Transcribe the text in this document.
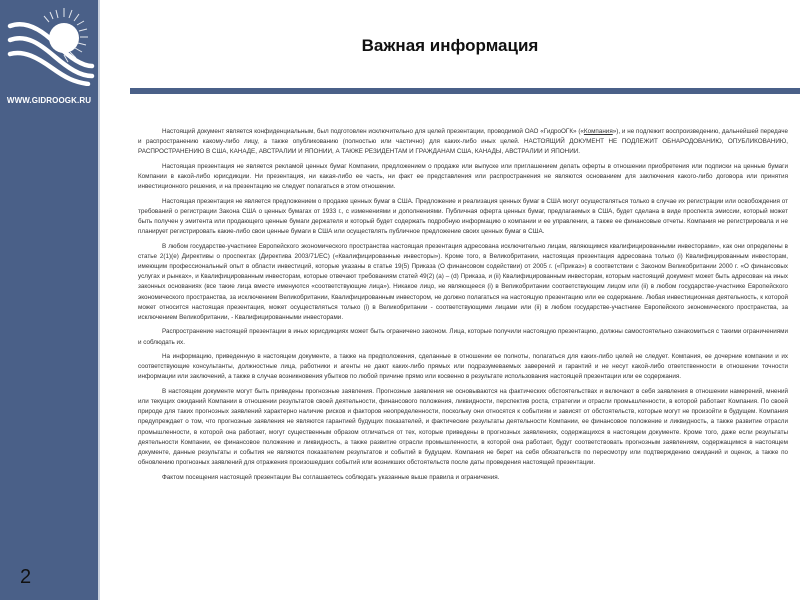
WWW.GIDROOGK.RU
2
Важная информация

Настоящий документ является конфиденциальным, был подготовлен исключительно для целей презентации, проводимой ОАО «ГидроОГК» («Компания»), и не подлежит воспроизведению, дальнейшей передаче и распространению какому-либо лицу, а также опубликованию (полностью или частично) для каких-либо иных целей. НАСТОЯЩИЙ ДОКУМЕНТ НЕ ПОДЛЕЖИТ ОБНАРОДОВАНИЮ, ОПУБЛИКОВАНИЮ, РАСПРОСТРАНЕНИЮ В США, КАНАДЕ, АВСТРАЛИИ И ЯПОНИИ, А ТАКЖЕ РЕЗИДЕНТАМ И ГРАЖДАНАМ США, КАНАДЫ, АВСТРАЛИИ И ЯПОНИИ.

Настоящая презентация не является рекламой ценных бумаг Компании, предложением о продаже или выпуске или приглашением делать оферты в отношении приобретения или подписки на ценные бумаги Компании в какой-либо юрисдикции. Ни презентация, ни какая-либо ее часть, ни факт ее представления или распространения не являются основанием для заключения какого-либо договора или принятия инвестиционного решения, и на презентацию не следует полагаться в этом отношении.

Настоящая презентация не является предложением о продаже ценных бумаг в США. Предложение и реализация ценных бумаг в США могут осуществляться только в случае их регистрации или освобождения от требований о регистрации Закона США о ценных бумагах от 1933 г., с изменениями и дополнениями. Публичная оферта ценных бумаг, предлагаемых в США, будет сделана в виде проспекта эмиссии, который может быть получен у эмитента или продающего ценные бумаги держателя и который будет содержать подробную информацию о компании и ее управлении, а также ее финансовые отчеты. Компания не регистрировала и не планирует регистрировать какие-либо свои ценные бумаги в США или осуществлять публичное предложение своих ценных бумаг в США.

В любом государстве-участнике Европейского экономического пространства настоящая презентация адресована исключительно лицам, являющимся квалифицированными инвесторами», как они определены в статье 2(1)(е) Директивы о проспектах (Директива 2003/71/ЕС) («Квалифицированные инвесторы»). Кроме того, в Великобритании, настоящая презентация адресована только (i) Квалифицированным инвесторам, имеющим профессиональный опыт в области инвестиций, которые указаны в статье 19(5) Приказа (О финансовом содействии) от 2005 г. («Приказ») в соответствии с Законом Великобритании 2000 г. «О финансовых услугах и рынках», и Квалифицированным инвесторам, которые отвечают требованиям статей 49(2) (а) – (d) Приказа, и (ii) Квалифицированным инвесторам, которым настоящий документ может быть адресован на иных законных основаниях (все такие лица вместе именуются «соответствующие лица»). Никакое лицо, не являющееся (i) в Великобритании соответствующим лицом или (ii) в любом государстве-участнике Европейского экономического пространства, за исключением Великобритании, Квалифицированным инвестором, не должно полагаться на настоящую презентацию или ее содержание. Любая инвестиционная деятельность, к которой может относится настоящая презентация, может осуществляться только (i) в Великобритании - соответствующими лицами или (ii) в любом государстве-участнике Европейского экономического пространства, за исключением Великобритании, - Квалифицированными инвесторами.

Распространение настоящей презентации в иных юрисдикциях может быть ограничено законом. Лица, которые получили настоящую презентацию, должны самостоятельно ознакомиться с такими ограничениями и соблюдать их.

На информацию, приведенную в настоящем документе, а также на предположения, сделанные в отношении ее полноты, полагаться для каких-либо целей не следует. Компания, ее дочерние компании и их соответствующие консультанты, должностные лица, работники и агенты не дают каких-либо прямых или подразумеваемых заверений и гарантий и не несут какой-либо ответственности в отношении точности информации или заключений, а также в случае возникновения убытков по любой причине прямо или косвенно в результате использования настоящей презентации или ее содержания.

В настоящем документе могут быть приведены прогнозные заявления. Прогнозные заявления не основываются на фактических обстоятельствах и включают в себя заявления в отношении намерений, мнений или текущих ожиданий Компании в отношении результатов своей деятельности, финансового положения, ликвидности, перспектив роста, стратегии и отрасли промышленности, в которой работает Компания. По своей природе для таких прогнозных заявлений характерно наличие рисков и факторов неопределенности, поскольку они относятся к событиям и зависят от обстоятельств, которые могут не произойти в будущем. Компания предупреждает о том, что прогнозные заявления не являются гарантией будущих показателей, и фактические результаты деятельности Компании, ее финансовое положение и ликвидность, а также развитие отрасли промышленности, в которой она работает, могут существенным образом отличаться от тех, которые приведены в прогнозных заявлениях, содержащихся в настоящем документе. Кроме того, даже если результаты деятельности Компании, ее финансовое положение и ликвидность, а также развитие отрасли промышленности, в которой она работает, будут соответствовать прогнозным заявлениям, содержащимся в настоящем документе, данные результаты и события не являются показателем результатов и событий в будущем. Компания не берет на себя обязательств по пересмотру или подтверждению ожиданий и оценок, а также по обновлению прогнозных заявлений для отражения произошедших событий или возникших обстоятельств после даты проведения настоящей презентации.

Фактом посещения настоящей презентации Вы соглашаетесь соблюдать указанные выше правила и ограничения.
